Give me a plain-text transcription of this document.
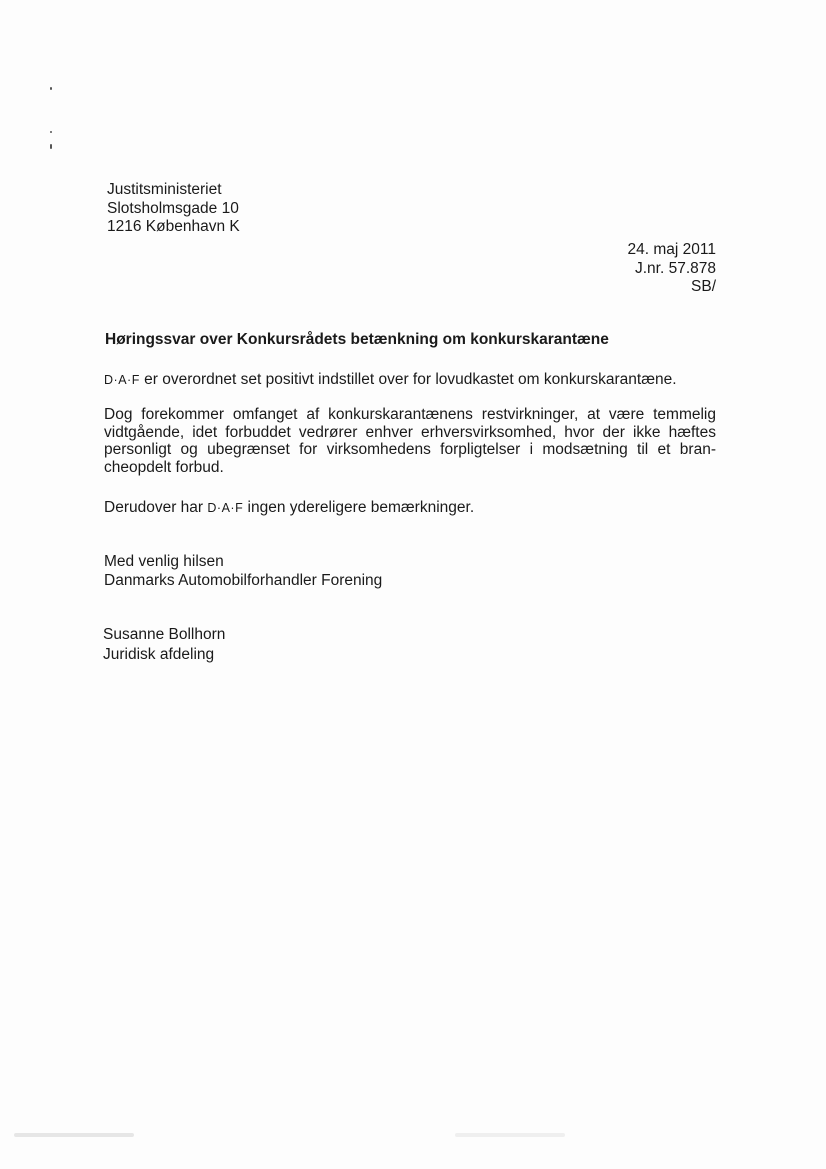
Justitsministeriet
Slotsholmsgade 10
1216 København K
24. maj 2011
J.nr. 57.878
SB/
Høringssvar over Konkursrådets betænkning om konkurskarantæne
D·A·F er overordnet set positivt indstillet over for lovudkastet om konkurskarantæne.
Dog forekommer omfanget af konkurskarantænens restvirkninger, at være temmelig
vidtgående, idet forbuddet vedrører enhver erhversvirksomhed, hvor der ikke hæftes
personligt og ubegrænset for virksomhedens forpligtelser i modsætning til et bran-
cheopdelt forbud.
Derudover har D·A·F ingen ydereligere bemærkninger.
Med venlig hilsen
Danmarks Automobilforhandler Forening
Susanne Bollhorn
Juridisk afdeling
